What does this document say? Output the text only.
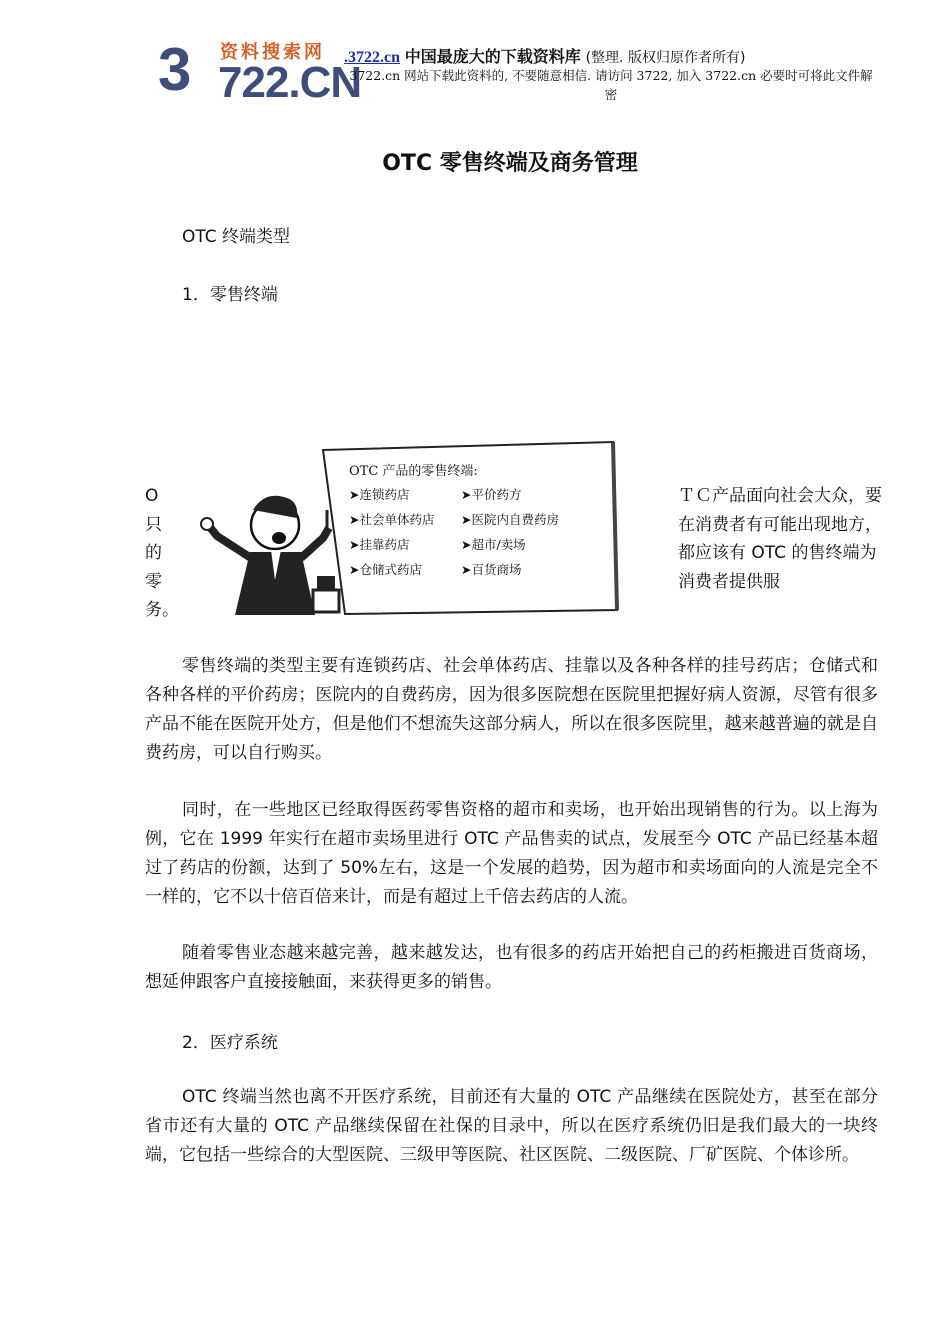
3 资料搜索网
722.CN
.3722.cn 中国最庞大的下载资料库 (整理. 版权归原作者所有)
3722.cn 网站下载此资料的, 不要随意相信. 请访问 3722, 加入 3722.cn 必要时可将此文件解密
OTC 零售终端及商务管理
OTC 终端类型
1．零售终端
O只的零务。
ＴＣ产品面向社会大众，要在消费者有可能出现地方，都应该有 OTC 的售终端为消费者提供服
OTC 产品的零售终端:
➤连锁药店	➤平价药方
➤社会单体药店 ➤医院内自费药房
➤挂靠药店	➤超市/卖场
➤仓储式药店	➤百货商场
零售终端的类型主要有连锁药店、社会单体药店、挂靠以及各种各样的挂号药店；仓储式和各种各样的平价药房；医院内的自费药房，因为很多医院想在医院里把握好病人资源，尽管有很多产品不能在医院开处方，但是他们不想流失这部分病人，所以在很多医院里，越来越普遍的就是自费药房，可以自行购买。
同时，在一些地区已经取得医药零售资格的超市和卖场，也开始出现销售的行为。以上海为例，它在 1999 年实行在超市卖场里进行 OTC 产品售卖的试点，发展至今 OTC 产品已经基本超过了药店的份额，达到了 50%左右，这是一个发展的趋势，因为超市和卖场面向的人流是完全不一样的，它不以十倍百倍来计，而是有超过上千倍去药店的人流。
随着零售业态越来越完善，越来越发达，也有很多的药店开始把自己的药柜搬进百货商场，想延伸跟客户直接接触面，来获得更多的销售。
2．医疗系统
OTC 终端当然也离不开医疗系统，目前还有大量的 OTC 产品继续在医院处方，甚至在部分省市还有大量的 OTC 产品继续保留在社保的目录中，所以在医疗系统仍旧是我们最大的一块终端，它包括一些综合的大型医院、三级甲等医院、社区医院、二级医院、厂矿医院、个体诊所。
